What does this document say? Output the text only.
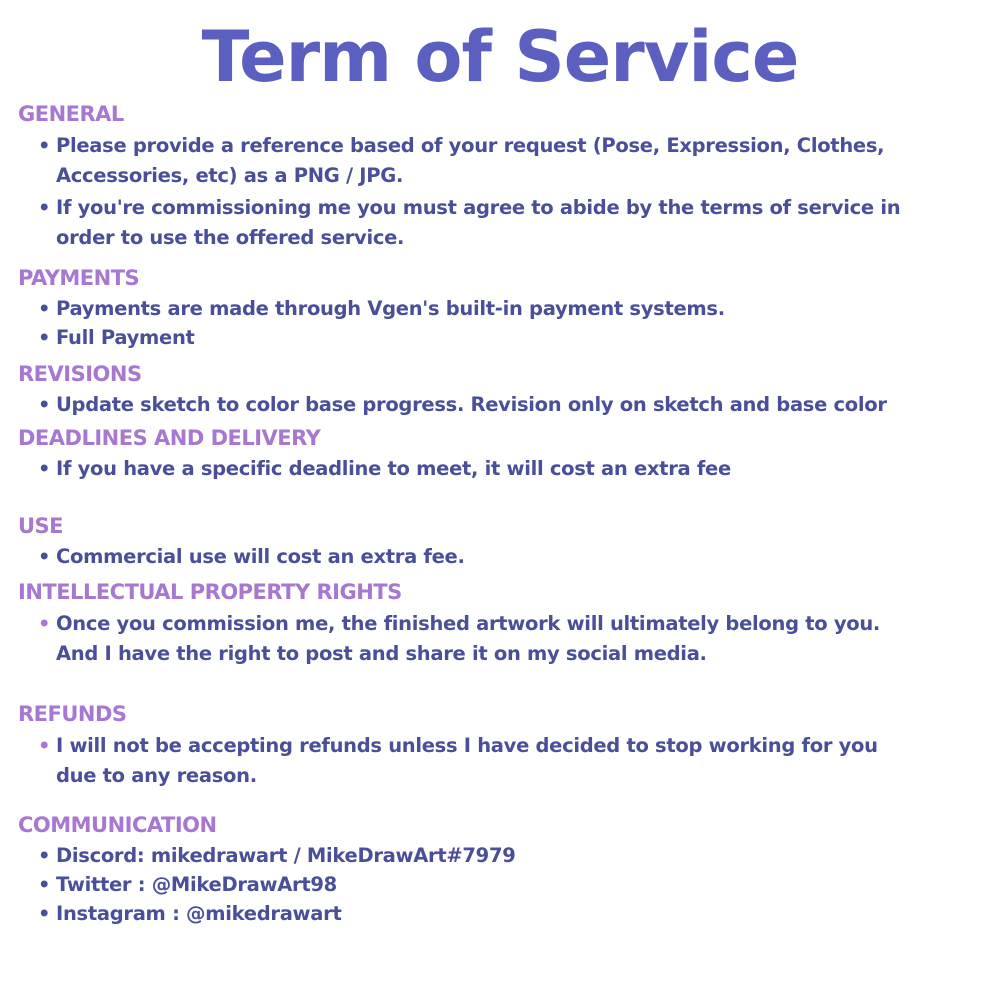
Term of Service
GENERAL
• Please provide a reference based of your request (Pose, Expression, Clothes,
Accessories, etc) as a PNG / JPG.
• If you're commissioning me you must agree to abide by the terms of service in
order to use the offered service.
PAYMENTS
• Payments are made through Vgen's built-in payment systems.
• Full Payment
REVISIONS
• Update sketch to color base progress. Revision only on sketch and base color
DEADLINES AND DELIVERY
• If you have a specific deadline to meet, it will cost an extra fee
USE
• Commercial use will cost an extra fee.
INTELLECTUAL PROPERTY RIGHTS
• Once you commission me, the finished artwork will ultimately belong to you.
And I have the right to post and share it on my social media.
REFUNDS
• I will not be accepting refunds unless I have decided to stop working for you
due to any reason.
COMMUNICATION
• Discord: mikedrawart / MikeDrawArt#7979
• Twitter : @MikeDrawArt98
• Instagram : @mikedrawart
